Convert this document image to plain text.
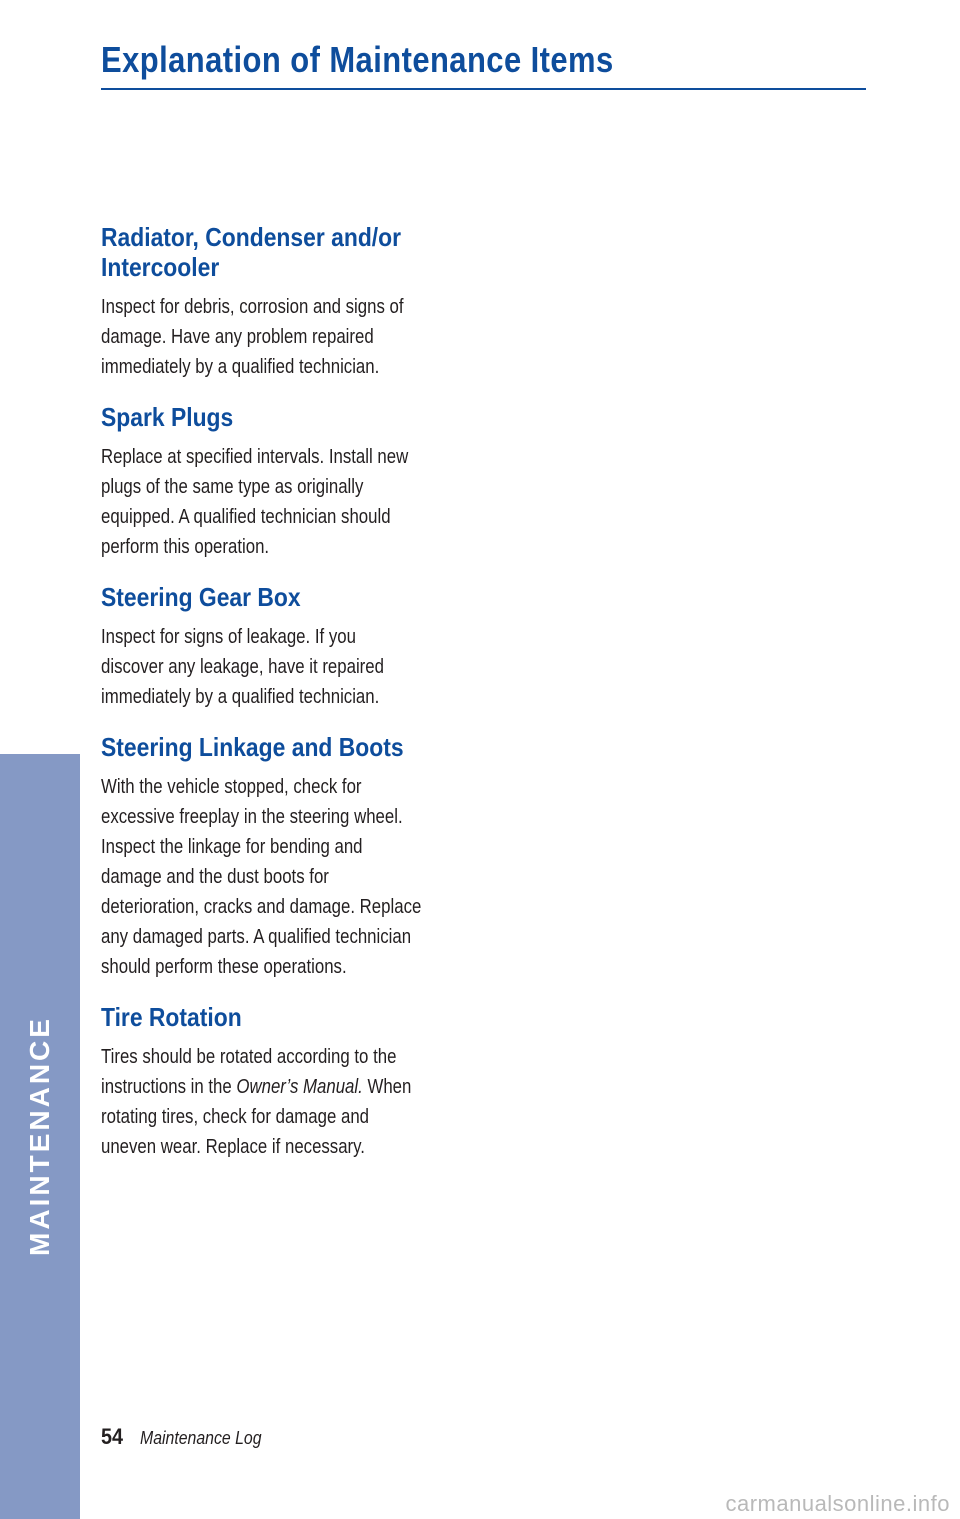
Explanation of Maintenance Items
Radiator, Condenser and/or
Intercooler

Inspect for debris, corrosion and signs of
damage. Have any problem repaired
immediately by a qualified technician.

Spark Plugs

Replace at specified intervals. Install new
plugs of the same type as originally
equipped. A qualified technician should
perform this operation.

Steering Gear Box

Inspect for signs of leakage. If you
discover any leakage, have it repaired
immediately by a qualified technician.

Steering Linkage and Boots

With the vehicle stopped, check for
excessive freeplay in the steering wheel.
Inspect the linkage for bending and
damage and the dust boots for
deterioration, cracks and damage. Replace
any damaged parts. A qualified technician
should perform these operations.

Tire Rotation

Tires should be rotated according to the
instructions in the Owner’s Manual. When
rotating tires, check for damage and
uneven wear. Replace if necessary.

MAINTENANCE
54 Maintenance Log
carmanualsonline.info
